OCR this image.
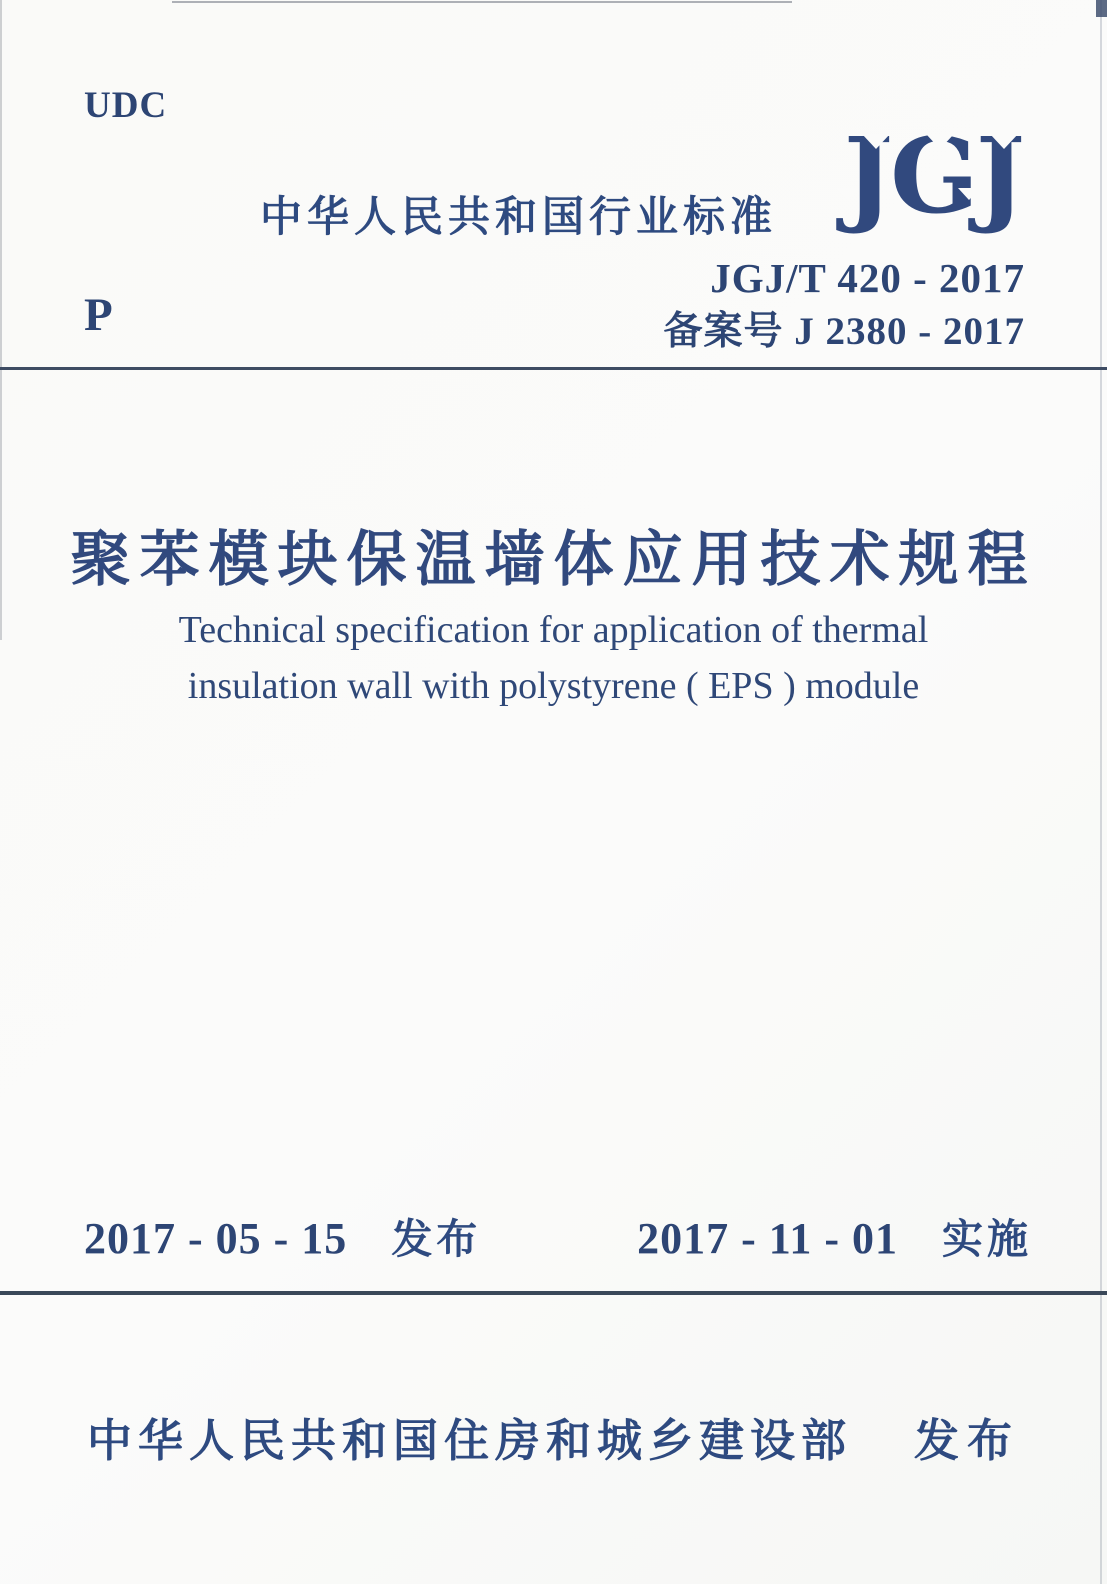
UDC
中华人民共和国行业标准 JGJ
JGJ/T 420 - 2017
备案号 J 2380 - 2017
P
聚苯模块保温墙体应用技术规程
Technical specification for application of thermal
insulation wall with polystyrene ( EPS ) module
2017 - 05 - 15 发布	2017 - 11 - 01 实施
中华人民共和国住房和城乡建设部 发布
